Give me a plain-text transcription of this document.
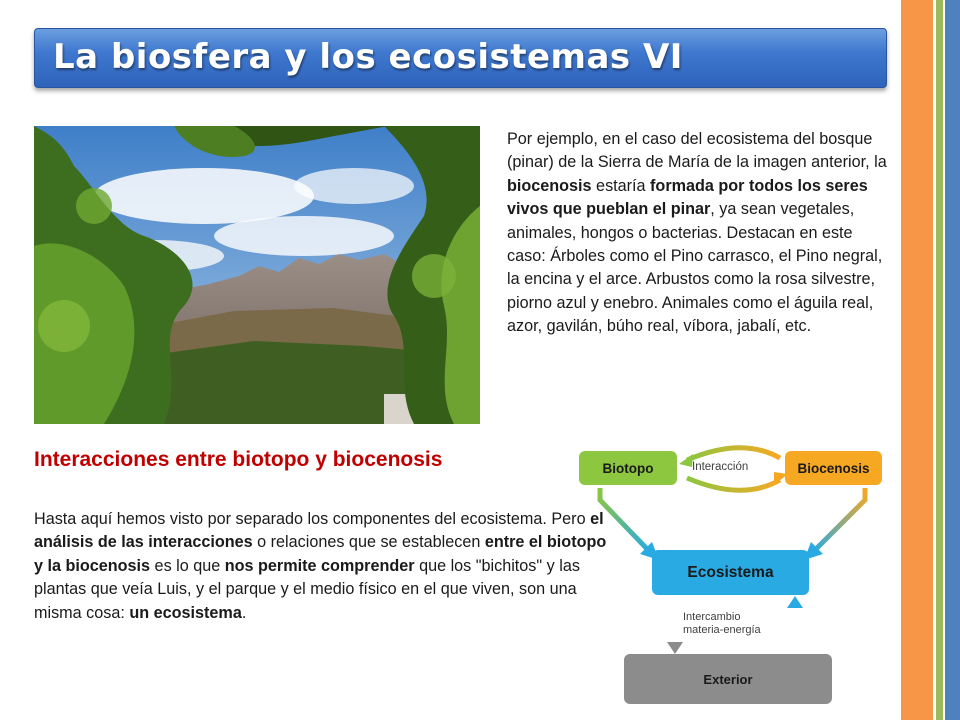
La biosfera y los ecosistemas VI
Por ejemplo, en el caso del ecosistema del bosque (pinar) de la Sierra de María de la imagen anterior, la biocenosis estaría formada por todos los seres vivos que pueblan el pinar, ya sean vegetales, animales, hongos o bacterias. Destacan en este caso: Árboles como el Pino carrasco, el Pino negral, la encina y el arce. Arbustos como la rosa silvestre, piorno azul y enebro. Animales como el águila real, azor, gavilán, búho real, víbora, jabalí, etc.
Interacciones entre biotopo y biocenosis
Hasta aquí hemos visto por separado los componentes del ecosistema. Pero el análisis de las interacciones o relaciones que se establecen entre el biotopo y la biocenosis es lo que nos permite comprender que los "bichitos" y las plantas que veía Luis, y el parque y el medio físico en el que viven, son una misma cosa: un ecosistema.
Biotopo	Biocenosis
Interacción
Ecosistema
Intercambio
materia-energía
Exterior
